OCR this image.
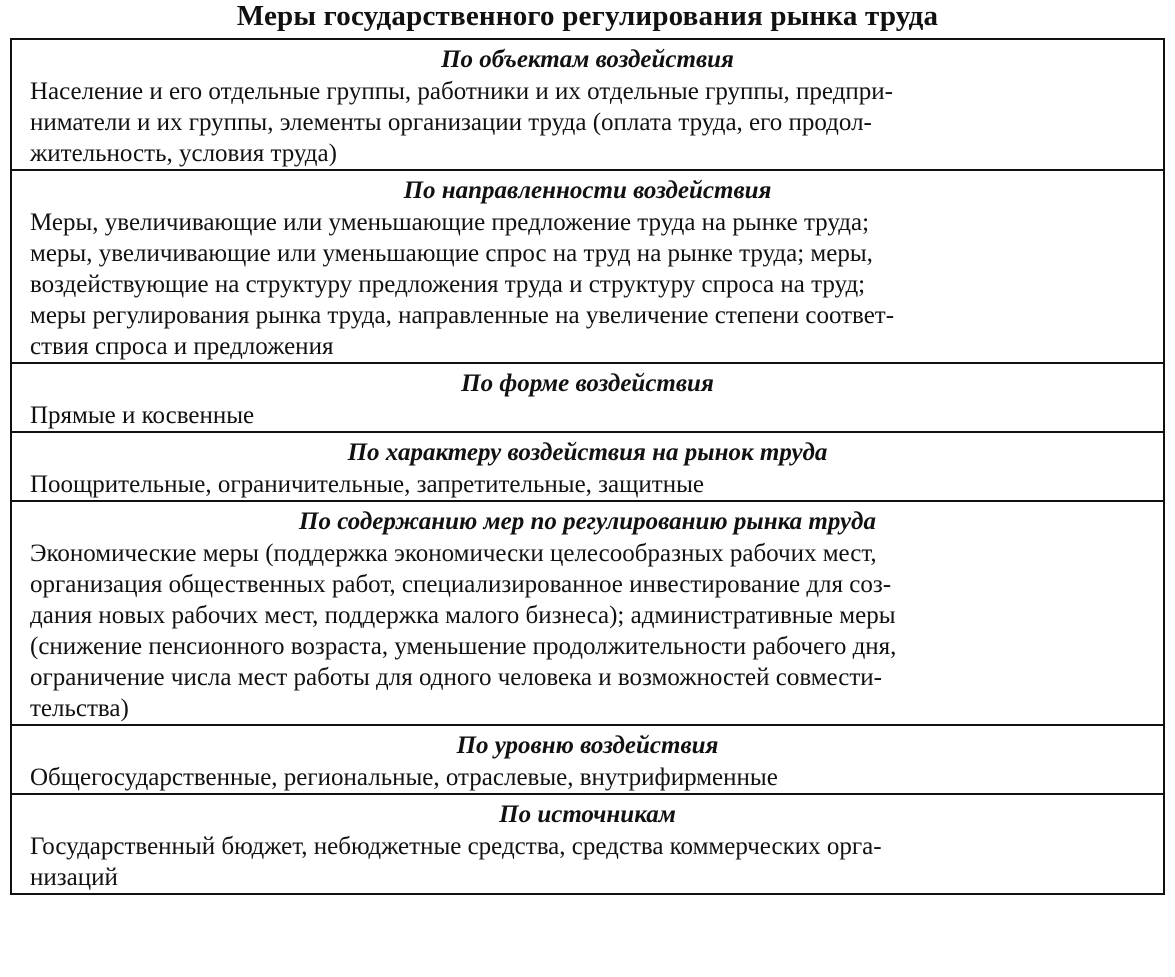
Меры государственного регулирования рынка труда
По объектам воздействия
Население и его отдельные группы, работники и их отдельные группы, предпри-
ниматели и их группы, элементы организации труда (оплата труда, его продол-
жительность, условия труда)
По направленности воздействия
Меры, увеличивающие или уменьшающие предложение труда на рынке труда;
меры, увеличивающие или уменьшающие спрос на труд на рынке труда; меры,
воздействующие на структуру предложения труда и структуру спроса на труд;
меры регулирования рынка труда, направленные на увеличение степени соответ-
ствия спроса и предложения
По форме воздействия
Прямые и косвенные
По характеру воздействия на рынок труда
Поощрительные, ограничительные, запретительные, защитные
По содержанию мер по регулированию рынка труда
Экономические меры (поддержка экономически целесообразных рабочих мест,
организация общественных работ, специализированное инвестирование для соз-
дания новых рабочих мест, поддержка малого бизнеса); административные меры
(снижение пенсионного возраста, уменьшение продолжительности рабочего дня,
ограничение числа мест работы для одного человека и возможностей совмести-
тельства)
По уровню воздействия
Общегосударственные, региональные, отраслевые, внутрифирменные
По источникам
Государственный бюджет, небюджетные средства, средства коммерческих орга-
низаций
